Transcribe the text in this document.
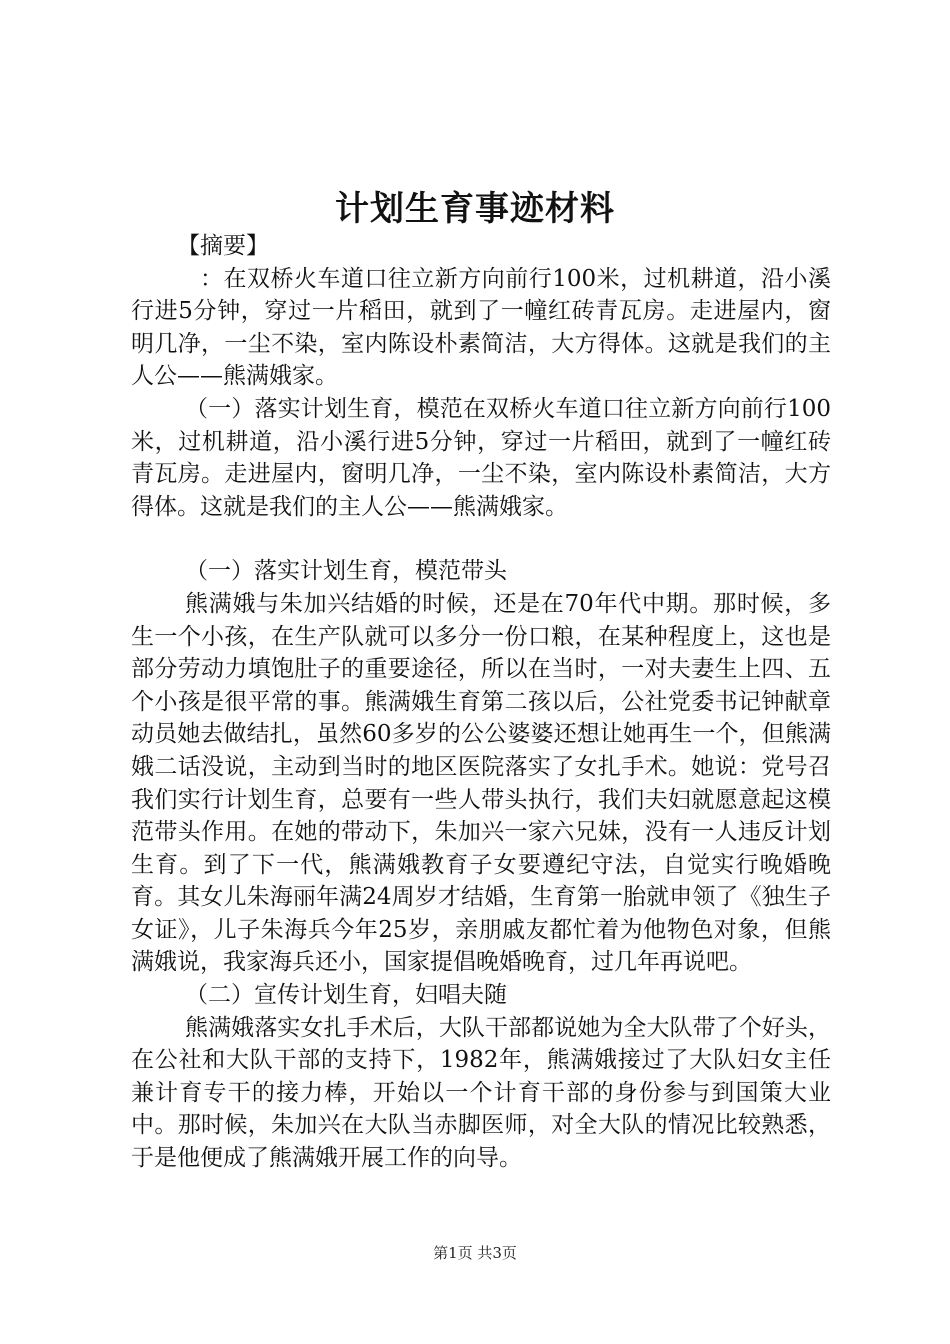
计划生育事迹材料

【摘要】

：在双桥火车道口往立新方向前行100米，过机耕道，沿小溪行进5分钟，穿过一片稻田，就到了一幢红砖青瓦房。走进屋内，窗明几净，一尘不染，室内陈设朴素简洁，大方得体。这就是我们的主人公——熊满娥家。

（一）落实计划生育，模范在双桥火车道口往立新方向前行100米，过机耕道，沿小溪行进5分钟，穿过一片稻田，就到了一幢红砖青瓦房。走进屋内，窗明几净，一尘不染，室内陈设朴素简洁，大方得体。这就是我们的主人公——熊满娥家。

（一）落实计划生育，模范带头

熊满娥与朱加兴结婚的时候，还是在70年代中期。那时候，多生一个小孩，在生产队就可以多分一份口粮，在某种程度上，这也是部分劳动力填饱肚子的重要途径，所以在当时，一对夫妻生上四、五个小孩是很平常的事。熊满娥生育第二孩以后，公社党委书记钟献章动员她去做结扎，虽然60多岁的公公婆婆还想让她再生一个，但熊满娥二话没说，主动到当时的地区医院落实了女扎手术。她说：党号召我们实行计划生育，总要有一些人带头执行，我们夫妇就愿意起这模范带头作用。在她的带动下，朱加兴一家六兄妹，没有一人违反计划生育。到了下一代，熊满娥教育子女要遵纪守法，自觉实行晚婚晚育。其女儿朱海丽年满24周岁才结婚，生育第一胎就申领了《独生子女证》，儿子朱海兵今年25岁，亲朋戚友都忙着为他物色对象，但熊满娥说，我家海兵还小，国家提倡晚婚晚育，过几年再说吧。

（二）宣传计划生育，妇唱夫随

熊满娥落实女扎手术后，大队干部都说她为全大队带了个好头，在公社和大队干部的支持下，1982年，熊满娥接过了大队妇女主任兼计育专干的接力棒，开始以一个计育干部的身份参与到国策大业中。那时候，朱加兴在大队当赤脚医师，对全大队的情况比较熟悉，于是他便成了熊满娥开展工作的向导。

第1页 共3页
